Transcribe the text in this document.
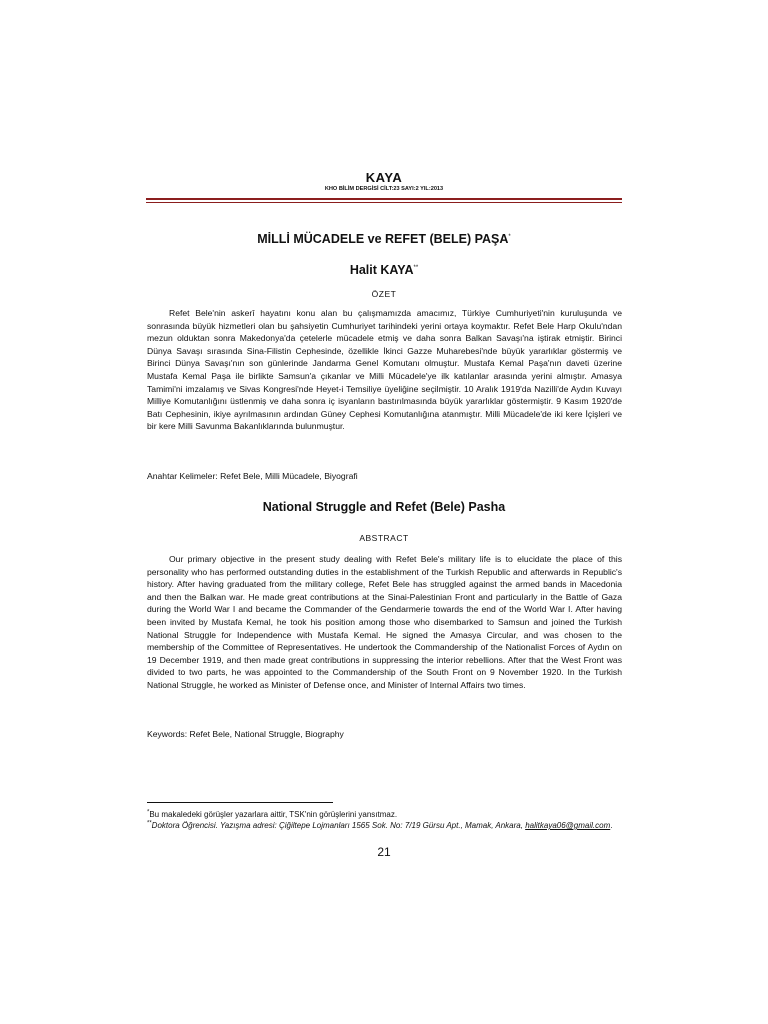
KAYA
KHO BİLİM DERGİSİ CİLT:23 SAYI:2 YIL:2013
MİLLİ MÜCADELE ve REFET (BELE) PAŞA*
Halit KAYA**
ÖZET

Refet Bele'nin askerî hayatını konu alan bu çalışmamızda amacımız, Türkiye Cumhuriyeti'nin kuruluşunda ve sonrasında büyük hizmetleri olan bu şahsiyetin Cumhuriyet tarihindeki yerini ortaya koymaktır. Refet Bele Harp Okulu'ndan mezun olduktan sonra Makedonya'da çetelerle mücadele etmiş ve daha sonra Balkan Savaşı'na iştirak etmiştir. Birinci Dünya Savaşı sırasında Sina-Filistin Cephesinde, özellikle İkinci Gazze Muharebesi'nde büyük yararlıklar göstermiş ve Birinci Dünya Savaşı'nın son günlerinde Jandarma Genel Komutanı olmuştur. Mustafa Kemal Paşa'nın daveti üzerine Mustafa Kemal Paşa ile birlikte Samsun'a çıkanlar ve Milli Mücadele'ye ilk katılanlar arasında yerini almıştır. Amasya Tamimi'ni imzalamış ve Sivas Kongresi'nde Heyet-i Temsiliye üyeliğine seçilmiştir. 10 Aralık 1919'da Nazilli'de Aydın Kuvayı Milliye Komutanlığını üstlenmiş ve daha sonra iç isyanların bastırılmasında büyük yararlıklar göstermiştir. 9 Kasım 1920'de Batı Cephesinin, ikiye ayrılmasının ardından Güney Cephesi Komutanlığına atanmıştır. Milli Mücadele'de iki kere İçişleri ve bir kere Milli Savunma Bakanlıklarında bulunmuştur.

Anahtar Kelimeler: Refet Bele, Milli Mücadele, Biyografi

National Struggle and Refet (Bele) Pasha
ABSTRACT

Our primary objective in the present study dealing with Refet Bele's military life is to elucidate the place of this personality who has performed outstanding duties in the establishment of the Turkish Republic and afterwards in Republic's history. After having graduated from the military college, Refet Bele has struggled against the armed bands in Macedonia and then the Balkan war. He made great contributions at the Sinai-Palestinian Front and particularly in the Battle of Gaza during the World War I and became the Commander of the Gendarmerie towards the end of the World War I. After having been invited by Mustafa Kemal, he took his position among those who disembarked to Samsun and joined the Turkish National Struggle for Independence with Mustafa Kemal. He signed the Amasya Circular, and was chosen to the membership of the Committee of Representatives. He undertook the Commandership of the Nationalist Forces of Aydın on 19 December 1919, and then made great contributions in suppressing the interior rebellions. After that the West Front was divided to two parts, he was appointed to the Commandership of the South Front on 9 November 1920. In the Turkish National Struggle, he worked as Minister of Defense once, and Minister of Internal Affairs two times.

Keywords: Refet Bele, National Struggle, Biography

*Bu makaledeki görüşler yazarlara aittir, TSK'nin görüşlerini yansıtmaz.

**Doktora Öğrencisi. Yazışma adresi: Çiğiltepe Lojmanları 1565 Sok. No: 7/19 Gürsu Apt., Mamak, Ankara, halitkaya06@gmail.com.

21
